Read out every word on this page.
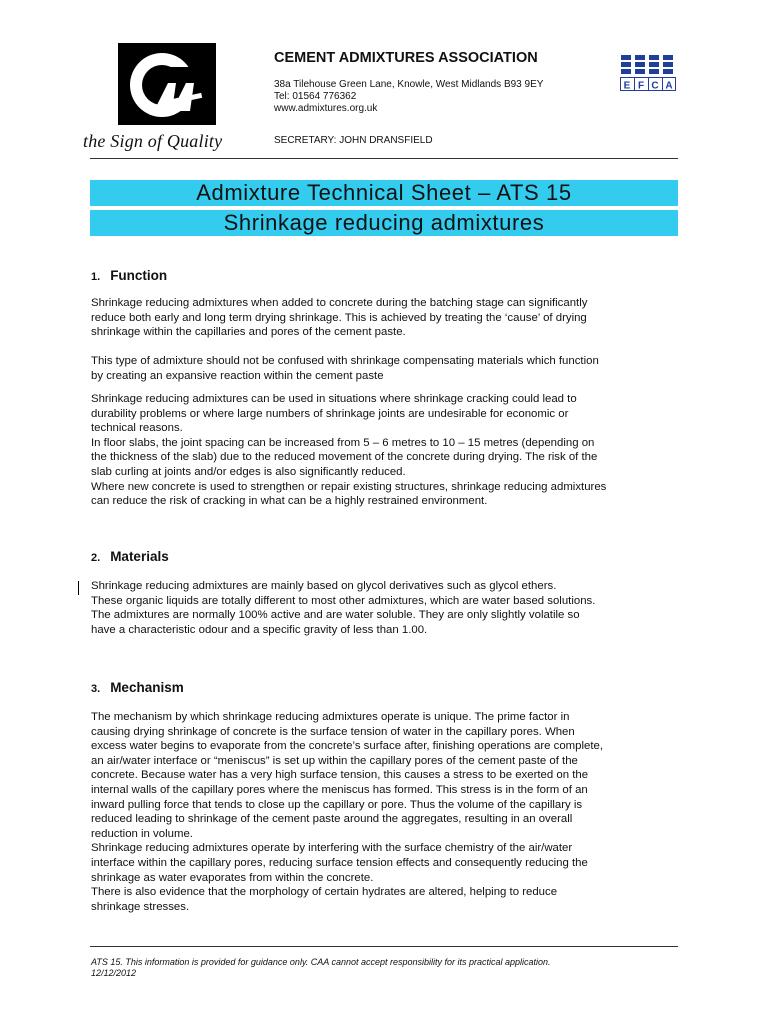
the Sign of Quality
CEMENT ADMIXTURES ASSOCIATION
38a Tilehouse Green Lane, Knowle, West Midlands B93 9EY
Tel: 01564 776362
www.admixtures.org.uk
SECRETARY: JOHN DRANSFIELD
E F C A
Admixture Technical Sheet – ATS 15
Shrinkage reducing admixtures
1. Function

Shrinkage reducing admixtures when added to concrete during the batching stage can significantly
reduce both early and long term drying shrinkage. This is achieved by treating the ‘cause’ of drying
shrinkage within the capillaries and pores of the cement paste.

This type of admixture should not be confused with shrinkage compensating materials which function
by creating an expansive reaction within the cement paste

Shrinkage reducing admixtures can be used in situations where shrinkage cracking could lead to
durability problems or where large numbers of shrinkage joints are undesirable for economic or
technical reasons.
In floor slabs, the joint spacing can be increased from 5 – 6 metres to 10 – 15 metres (depending on
the thickness of the slab) due to the reduced movement of the concrete during drying. The risk of the
slab curling at joints and/or edges is also significantly reduced.
Where new concrete is used to strengthen or repair existing structures, shrinkage reducing admixtures
can reduce the risk of cracking in what can be a highly restrained environment.

2. Materials

Shrinkage reducing admixtures are mainly based on glycol derivatives such as glycol ethers.
These organic liquids are totally different to most other admixtures, which are water based solutions.
The admixtures are normally 100% active and are water soluble. They are only slightly volatile so
have a characteristic odour and a specific gravity of less than 1.00.

3. Mechanism

The mechanism by which shrinkage reducing admixtures operate is unique. The prime factor in
causing drying shrinkage of concrete is the surface tension of water in the capillary pores. When
excess water begins to evaporate from the concrete’s surface after, finishing operations are complete,
an air/water interface or “meniscus” is set up within the capillary pores of the cement paste of the
concrete. Because water has a very high surface tension, this causes a stress to be exerted on the
internal walls of the capillary pores where the meniscus has formed. This stress is in the form of an
inward pulling force that tends to close up the capillary or pore. Thus the volume of the capillary is
reduced leading to shrinkage of the cement paste around the aggregates, resulting in an overall
reduction in volume.
Shrinkage reducing admixtures operate by interfering with the surface chemistry of the air/water
interface within the capillary pores, reducing surface tension effects and consequently reducing the
shrinkage as water evaporates from within the concrete.
There is also evidence that the morphology of certain hydrates are altered, helping to reduce
shrinkage stresses.

ATS 15. This information is provided for guidance only. CAA cannot accept responsibility for its practical application.
12/12/2012
